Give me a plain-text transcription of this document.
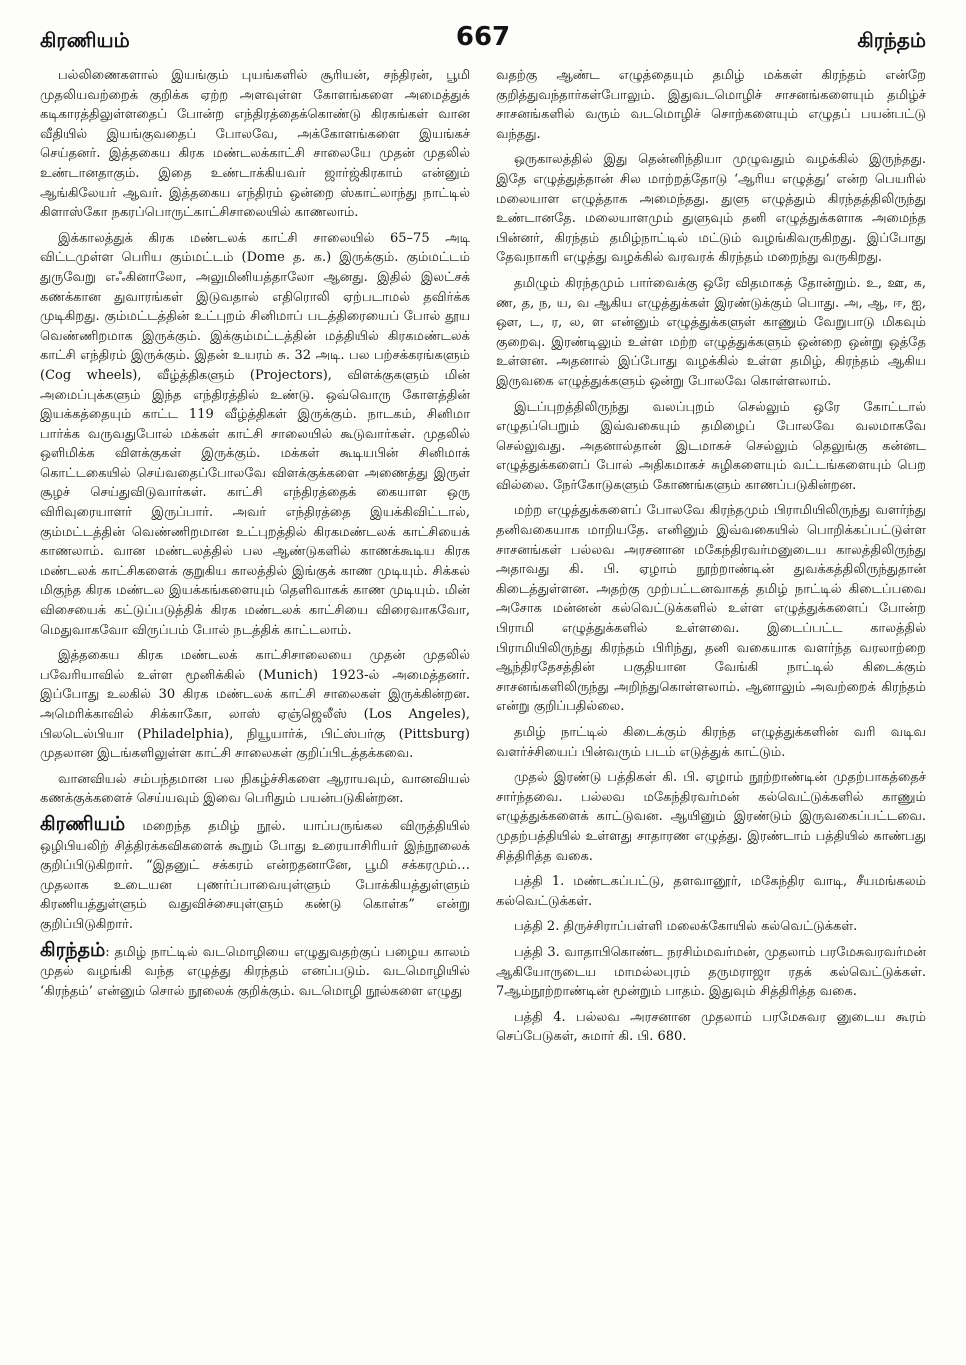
கிரணியம்	667	கிரந்தம்

பல்லிணைகளால் இயங்கும் புயங்களில் சூரியன், சந்திரன், பூமி முதலியவற்றைக் குறிக்க ஏற்ற அளவுள்ள கோளங்களை அமைத்துக் கடிகாரத்திலுள்ளதைப் போன்ற எந்திரத்தைக்கொண்டு கிரகங்கள் வான வீதியில் இயங்குவதைப் போலவே, அக்கோளங்களை இயங்கச் செய்தனர். இத்தகைய கிரக மண்டலக்காட்சி சாலையே முதன் முதலில் உண்டானதாகும். இதை உண்டாக்கியவர் ஜார்ஜ்கிரகாம் என்னும் ஆங்கிலேயர் ஆவர். இத்தகைய எந்திரம் ஒன்றை ஸ்காட்லாந்து நாட்டில் கிளாஸ்கோ நகரப்பொருட்காட்சிசாலையில் காணலாம்.

இக்காலத்துக் கிரக மண்டலக் காட்சி சாலையில் 65–75 அடி விட்டமுள்ள பெரிய கும்மட்டம் (Dome த. க.) இருக்கும். கும்மட்டம் துருவேறு எஃகினாலோ, அலுமினியத்தாலோ ஆனது. இதில் இலட்சக் கணக்கான துவாரங்கள் இடுவதால் எதிரொலி ஏற்படாமல் தவிர்க்க முடிகிறது. கும்மட்டத்தின் உட்புறம் சினிமாப் படத்திரையைப் போல் தூய வெண்ணிறமாக இருக்கும். இக்கும்மட்டத்தின் மத்தியில் கிரகமண்டலக் காட்சி எந்திரம் இருக்கும். இதன் உயரம் சு. 32 அடி. பல பற்சக்கரங்களும் (Cog wheels), வீழ்த்திகளும் (Projectors), விளக்குகளும் மின் அமைப்புக்களும் இந்த எந்திரத்தில் உண்டு. ஒவ்வொரு கோளத்தின் இயக்கத்தையும் காட்ட 119 வீழ்த்திகள் இருக்கும். நாடகம், சினிமா பார்க்க வருவதுபோல் மக்கள் காட்சி சாலையில் கூடுவார்கள். முதலில் ஒளிமிக்க விளக்குகள் இருக்கும். மக்கள் கூடியபின் சினிமாக் கொட்டகையில் செய்வதைப்போலவே விளக்குக்களை அணைத்து இருள் சூழச் செய்துவிடுவார்கள். காட்சி எந்திரத்தைக் கையாள ஒரு விரிவுரையாளர் இருப்பார். அவர் எந்திரத்தை இயக்கிவிட்டால், கும்மட்டத்தின் வெண்ணிறமான உட்புறத்தில் கிரகமண்டலக் காட்சியைக் காணலாம். வான மண்டலத்தில் பல ஆண்டுகளில் காணக்கூடிய கிரக மண்டலக் காட்சிகளைக் குறுகிய காலத்தில் இங்குக் காண முடியும். சிக்கல் மிகுந்த கிரக மண்டல இயக்கங்களையும் தெளிவாகக் காண முடியும். மின் விசையைக் கட்டுப்படுத்திக் கிரக மண்டலக் காட்சியை விரைவாகவோ, மெதுவாகவோ விருப்பம் போல் நடத்திக் காட்டலாம்.

இத்தகைய கிரக மண்டலக் காட்சிசாலையை முதன் முதலில் பவேரியாவில் உள்ள மூனிக்கில் (Munich) 1923-ல் அமைத்தனர். இப்போது உலகில் 30 கிரக மண்டலக் காட்சி சாலைகள் இருக்கின்றன. அமெரிக்காவில் சிக்காகோ, லாஸ் ஏஞ்ஜெலீஸ் (Los Angeles), பிலடெல்பியா (Philadelphia), நியூயார்க், பிட்ஸ்பர்கு (Pittsburg) முதலான இடங்களிலுள்ள காட்சி சாலைகள் குறிப்பிடத்தக்கவை.

வானவியல் சம்பந்தமான பல நிகழ்ச்சிகளை ஆராயவும், வானவியல் கணக்குக்களைச் செய்யவும் இவை பெரிதும் பயன்படுகின்றன.

கிரணியம் மறைந்த தமிழ் நூல். யாப்பருங்கல விருத்தியில் ஒழிபியலிற் சித்திரக்கவிகளைக் கூறும் போது உரையாசிரியர் இந்நூலைக் குறிப்பிடுகிறார். “இதனுட் சக்கரம் என்றதனானே, பூமி சக்கரமும்… முதலாக உடையன புணர்ப்பாவையுள்ளும் போக்கியத்துள்ளும் கிரணியத்துள்ளும் வதுவிச்சையுள்ளும் கண்டு கொள்க” என்று குறிப்பிடுகிறார்.

கிரந்தம்: தமிழ் நாட்டில் வடமொழியை எழுதுவதற்குப் பழைய காலம் முதல் வழங்கி வந்த எழுத்து கிரந்தம் எனப்படும். வடமொழியில் ‘கிரந்தம்’ என்னும் சொல் நூலைக் குறிக்கும். வடமொழி நூல்களை எழுது

வதற்கு ஆண்ட எழுத்தையும் தமிழ் மக்கள் கிரந்தம் என்றே குறித்துவந்தார்கள்போலும். இதுவடமொழிச் சாசனங்களையும் தமிழ்ச் சாசனங்களில் வரும் வடமொழிச் சொற்களையும் எழுதப் பயன்பட்டு வந்தது.

ஒருகாலத்தில் இது தென்னிந்தியா முழுவதும் வழக்கில் இருந்தது. இதே எழுத்துத்தான் சில மாற்றத்தோடு ‘ஆரிய எழுத்து’ என்ற பெயரில் மலையாள எழுத்தாக அமைந்தது. துளு எழுத்தும் கிரந்தத்திலிருந்து உண்டானதே. மலையாளமும் துளுவும் தனி எழுத்துக்களாக அமைந்த பின்னர், கிரந்தம் தமிழ்நாட்டில் மட்டும் வழங்கிவருகிறது. இப்போது தேவநாகரி எழுத்து வழக்கில் வரவரக் கிரந்தம் மறைந்து வருகிறது.

தமிழும் கிரந்தமும் பார்வைக்கு ஒரே விதமாகத் தோன்றும். உ, ஊ, க, ண, த, ந, ய, வ ஆகிய எழுத்துக்கள் இரண்டுக்கும் பொது. அ, ஆ, ஈ, ஐ, ஔ, ட, ர, ல, ள என்னும் எழுத்துக்களுள் காணும் வேறுபாடு மிகவும் குறைவு. இரண்டிலும் உள்ள மற்ற எழுத்துக்களும் ஒன்றை ஒன்று ஒத்தே உள்ளன. அதனால் இப்போது வழக்கில் உள்ள தமிழ், கிரந்தம் ஆகிய இருவகை எழுத்துக்களும் ஒன்று போலவே கொள்ளலாம்.

இடப்புறத்திலிருந்து வலப்புறம் செல்லும் ஒரே கோட்டால் எழுதப்பெறும் இவ்வகையும் தமிழைப் போலவே வலமாகவே செல்லுவது. அதனால்தான் இடமாகச் செல்லும் தெலுங்கு கன்னட எழுத்துக்களைப் போல் அதிகமாகச் சுழிகளையும் வட்டங்களையும் பெற வில்லை. நேர்கோடுகளும் கோணங்களும் காணப்படுகின்றன.

மற்ற எழுத்துக்களைப் போலவே கிரந்தமும் பிராமியிலிருந்து வளர்ந்து தனிவகையாக மாறியதே. எனினும் இவ்வகையில் பொறிக்கப்பட்டுள்ள சாசனங்கள் பல்லவ அரசனான மகேந்திரவர்மனுடைய காலத்திலிருந்து அதாவது கி. பி. ஏழாம் நூற்றாண்டின் துவக்கத்திலிருந்துதான் கிடைத்துள்ளன. அதற்கு முற்பட்டனவாகத் தமிழ் நாட்டில் கிடைப்பவை அசோக மன்னன் கல்வெட்டுக்களில் உள்ள எழுத்துக்களைப் போன்ற பிராமி எழுத்துக்களில் உள்ளவை. இடைப்பட்ட காலத்தில் பிராமியிலிருந்து கிரந்தம் பிரிந்து, தனி வகையாக வளர்ந்த வரலாற்றை ஆந்திரதேசத்தின் பகுதியான வேங்கி நாட்டில் கிடைக்கும் சாசனங்களிலிருந்து அறிந்துகொள்ளலாம். ஆனாலும் அவற்றைக் கிரந்தம் என்று குறிப்பதில்லை.

தமிழ் நாட்டில் கிடைக்கும் கிரந்த எழுத்துக்களின் வரி வடிவ வளர்ச்சியைப் பின்வரும் படம் எடுத்துக் காட்டும்.

முதல் இரண்டு பத்திகள் கி. பி. ஏழாம் நூற்றாண்டின் முதற்பாகத்தைச் சார்ந்தவை. பல்லவ மகேந்திரவர்மன் கல்வெட்டுக்களில் காணும் எழுத்துக்களைக் காட்டுவன. ஆயினும் இரண்டும் இருவகைப்பட்டவை. முதற்பத்தியில் உள்ளது சாதாரண எழுத்து. இரண்டாம் பத்தியில் காண்பது சித்திரித்த வகை.

பத்தி 1. மண்டகப்பட்டு, தளவானூர், மகேந்திர வாடி, சீயமங்கலம் கல்வெட்டுக்கள்.

பத்தி 2. திருச்சிராப்பள்ளி மலைக்கோயில் கல்வெட்டுக்கள்.

பத்தி 3. வாதாபிகொண்ட நரசிம்மவர்மன், முதலாம் பரமேசுவரவர்மன் ஆகியோருடைய மாமல்லபுரம் தருமராஜா ரதக் கல்வெட்டுக்கள். 7ஆம்நூற்றாண்டின் மூன்றும் பாதம். இதுவும் சித்திரித்த வகை.

பத்தி 4. பல்லவ அரசனான முதலாம் பரமேசுவர னுடைய கூரம் செப்பேடுகள், சுமார் கி. பி. 680.
